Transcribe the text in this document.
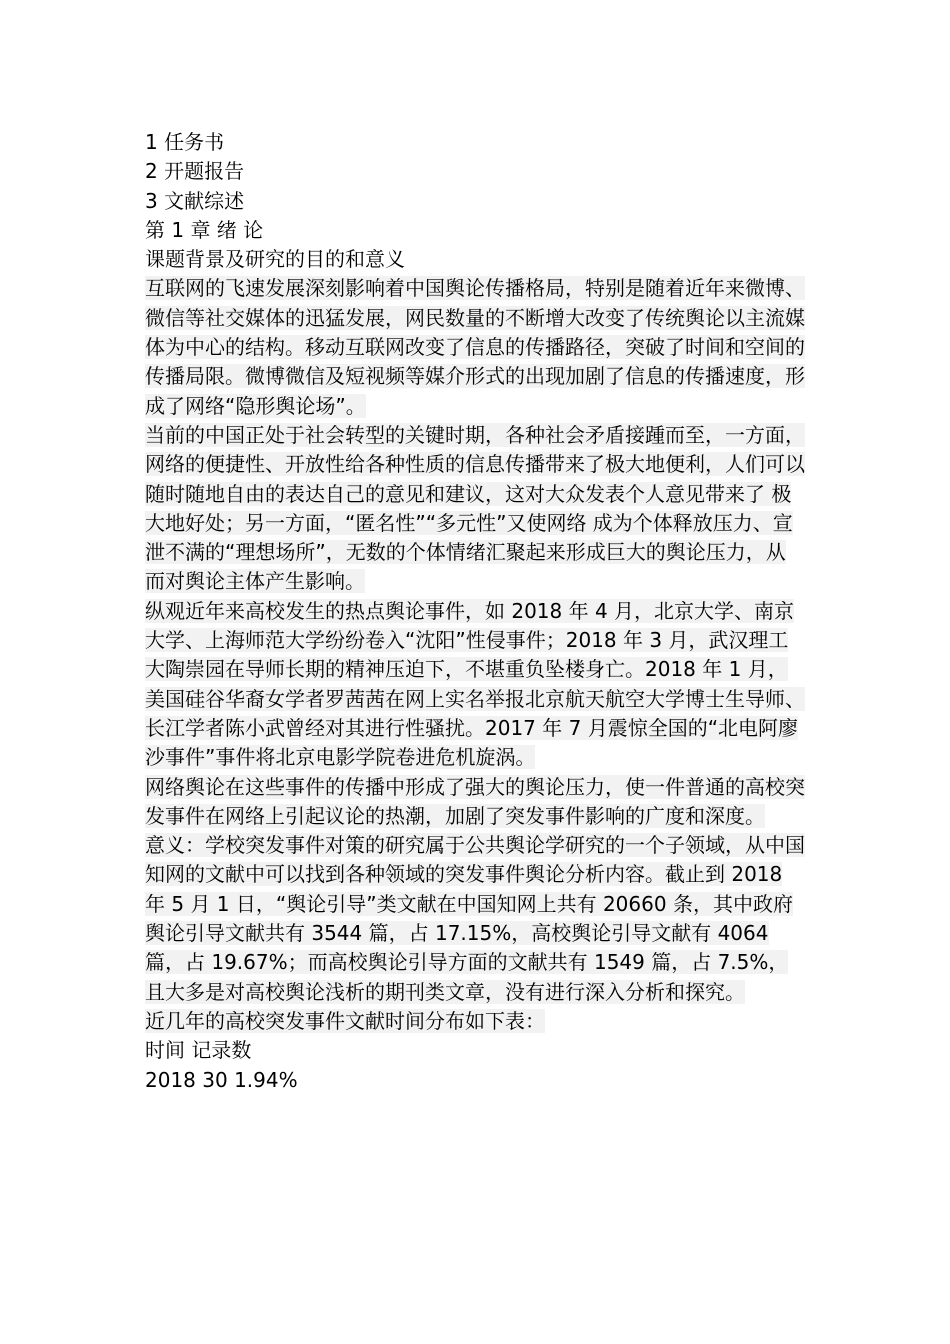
1 任务书
2 开题报告
3 文献综述
第 1 章 绪 论
课题背景及研究的目的和意义

互联网的飞速发展深刻影响着中国舆论传播格局，特别是随着近年来微博、微信等社交媒体的迅猛发展，网民数量的不断增大改变了传统舆论以主流媒体为中心的结构。移动互联网改变了信息的传播路径，突破了时间和空间的传播局限。微博微信及短视频等媒介形式的出现加剧了信息的传播速度，形成了网络“隐形舆论场”。

当前的中国正处于社会转型的关键时期，各种社会矛盾接踵而至，一方面，网络的便捷性、开放性给各种性质的信息传播带来了极大地便利，人们可以随时随地自由的表达自己的意见和建议，这对大众发表个人意见带来了 极大地好处；另一方面，“匿名性”“多元性”又使网络 成为个体释放压力、宣泄不满的“理想场所”，无数的个体情绪汇聚起来形成巨大的舆论压力，从而对舆论主体产生影响。

纵观近年来高校发生的热点舆论事件，如 2018 年 4 月，北京大学、南京大学、上海师范大学纷纷卷入“沈阳”性侵事件；2018 年 3 月，武汉理工大陶崇园在导师长期的精神压迫下，不堪重负坠楼身亡。2018 年 1 月，美国硅谷华裔女学者罗茜茜在网上实名举报北京航天航空大学博士生导师、长江学者陈小武曾经对其进行性骚扰。2017 年 7 月震惊全国的“北电阿廖沙事件”事件将北京电影学院卷进危机旋涡。

网络舆论在这些事件的传播中形成了强大的舆论压力，使一件普通的高校突发事件在网络上引起议论的热潮，加剧了突发事件影响的广度和深度。

意义：学校突发事件对策的研究属于公共舆论学研究的一个子领域，从中国知网的文献中可以找到各种领域的突发事件舆论分析内容。截止到 2018 年 5 月 1 日，“舆论引导”类文献在中国知网上共有 20660 条，其中政府舆论引导文献共有 3544 篇，占 17.15%，高校舆论引导文献有 4064 篇，占 19.67%；而高校舆论引导方面的文献共有 1549 篇，占 7.5%，且大多是对高校舆论浅析的期刊类文章，没有进行深入分析和探究。

近几年的高校突发事件文献时间分布如下表：

时间 记录数
2018 30 1.94%
